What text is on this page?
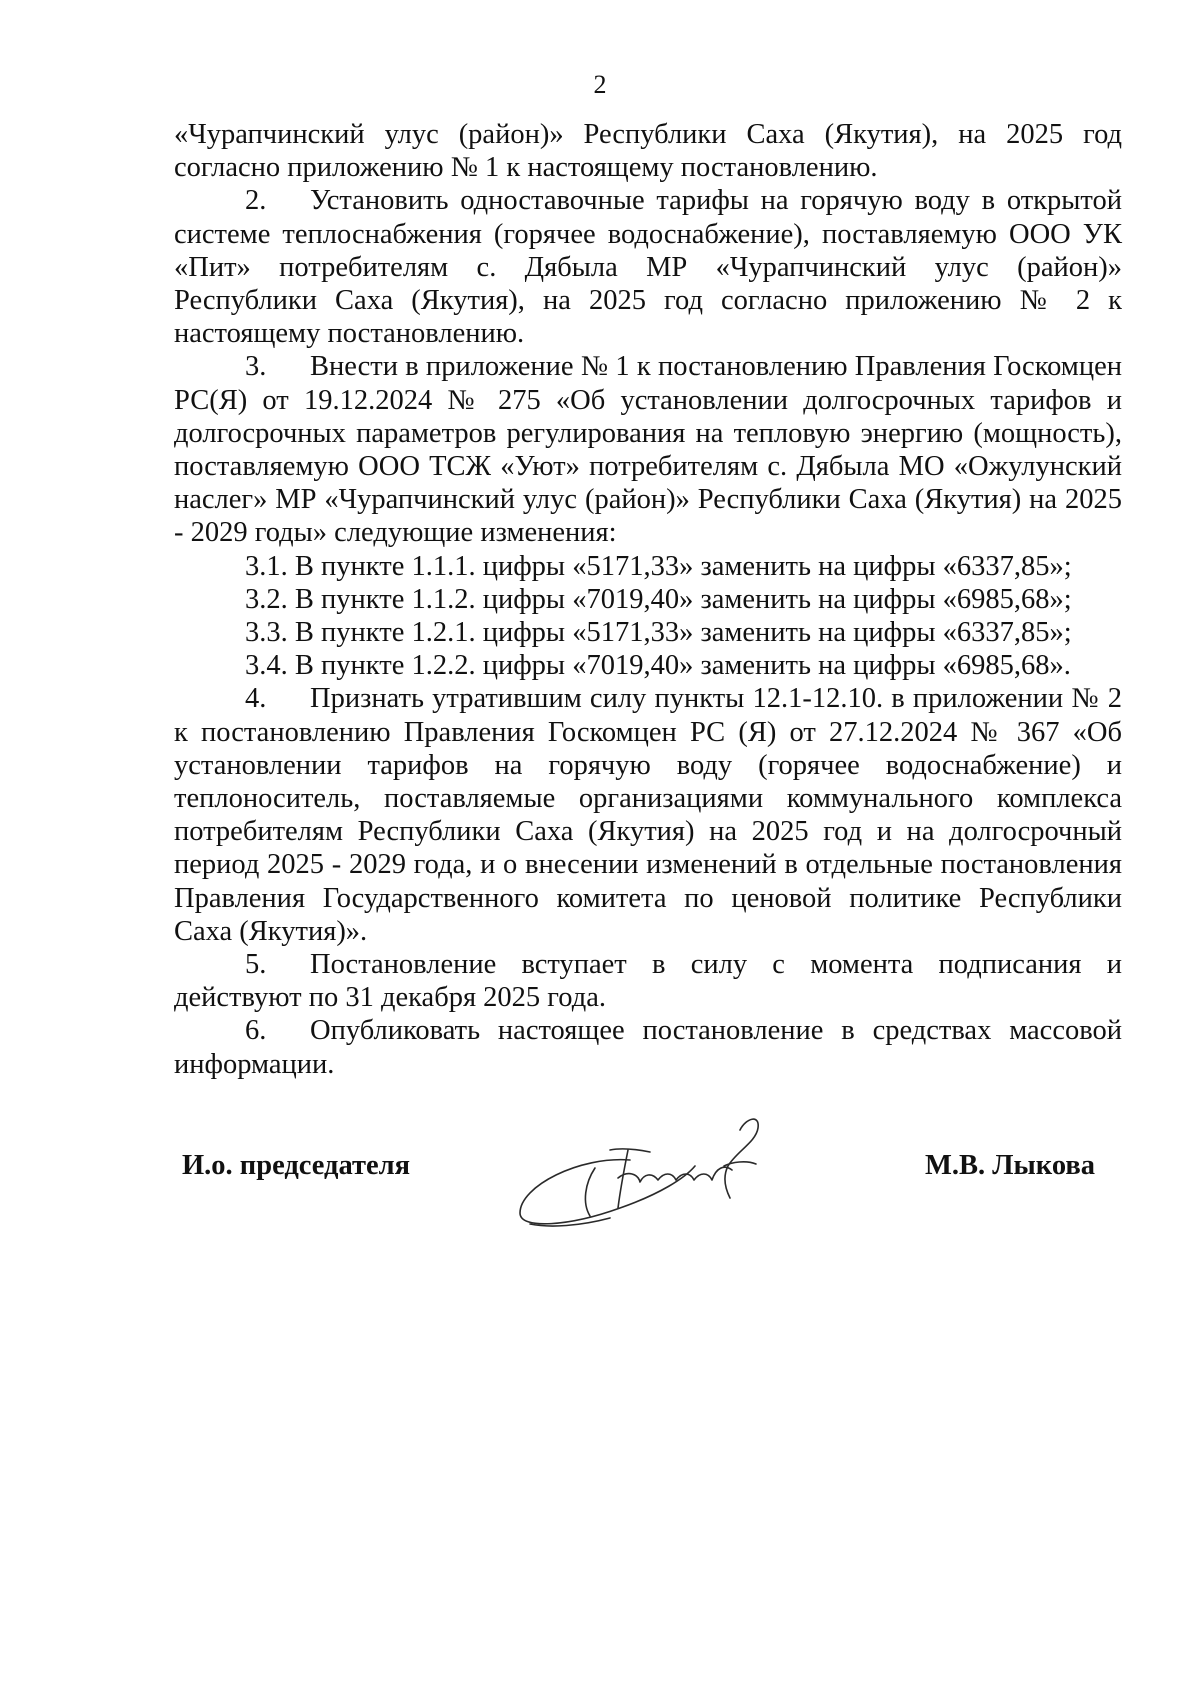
2

«Чурапчинский улус (район)» Республики Саха (Якутия), на 2025 год согласно приложению № 1 к настоящему постановлению.

2. Установить одноставочные тарифы на горячую воду в открытой системе теплоснабжения (горячее водоснабжение), поставляемую ООО УК «Пит» потребителям с. Дябыла МР «Чурапчинский улус (район)» Республики Саха (Якутия), на 2025 год согласно приложению № 2 к настоящему постановлению.

3. Внести в приложение № 1 к постановлению Правления Госкомцен РС(Я) от 19.12.2024 № 275 «Об установлении долгосрочных тарифов и долгосрочных параметров регулирования на тепловую энергию (мощность), поставляемую ООО ТСЖ «Уют» потребителям с. Дябыла МО «Ожулунский наслег» МР «Чурапчинский улус (район)» Республики Саха (Якутия) на 2025 - 2029 годы» следующие изменения:

3.1. В пункте 1.1.1. цифры «5171,33» заменить на цифры «6337,85»;

3.2. В пункте 1.1.2. цифры «7019,40» заменить на цифры «6985,68»;

3.3. В пункте 1.2.1. цифры «5171,33» заменить на цифры «6337,85»;

3.4. В пункте 1.2.2. цифры «7019,40» заменить на цифры «6985,68».

4. Признать утратившим силу пункты 12.1-12.10. в приложении № 2 к постановлению Правления Госкомцен РС (Я) от 27.12.2024 № 367 «Об установлении тарифов на горячую воду (горячее водоснабжение) и теплоноситель, поставляемые организациями коммунального комплекса потребителям Республики Саха (Якутия) на 2025 год и на долгосрочный период 2025 - 2029 года, и о внесении изменений в отдельные постановления Правления Государственного комитета по ценовой политике Республики Саха (Якутия)».

5. Постановление вступает в силу с момента подписания и действуют по 31 декабря 2025 года.

6. Опубликовать настоящее постановление в средствах массовой информации.

И.о. председателя	М.В. Лыкова
